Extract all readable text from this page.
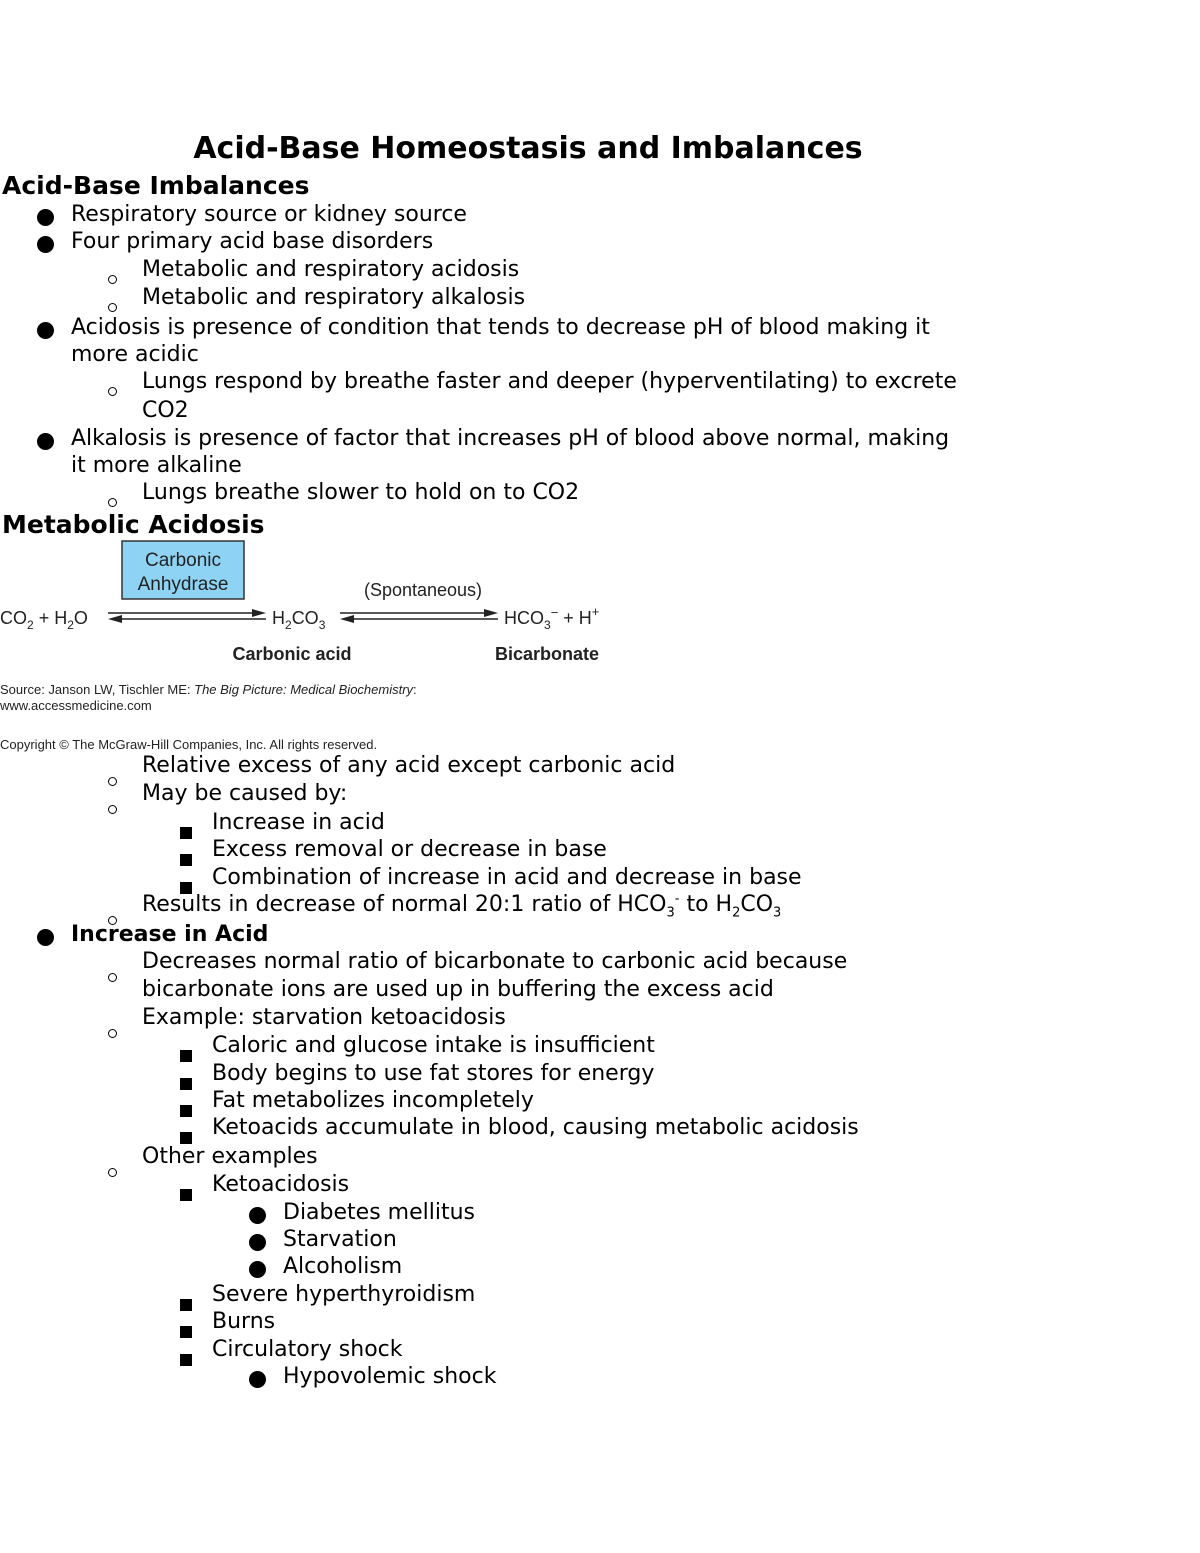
Acid-Base Homeostasis and Imbalances
Acid-Base Imbalances
Respiratory source or kidney source
Four primary acid base disorders
Metabolic and respiratory acidosis
Metabolic and respiratory alkalosis
Acidosis is presence of condition that tends to decrease pH of blood making it
more acidic
Lungs respond by breathe faster and deeper (hyperventilating) to excrete
CO2
Alkalosis is presence of factor that increases pH of blood above normal, making
it more alkaline
Lungs breathe slower to hold on to CO2
Metabolic Acidosis
Carbonic
Anhydrase	(Spontaneous)
$CO_2 + H_2O$	$H_2CO_3$	$HCO_3^- + H^+$
Carbonic acid	Bicarbonate
Source: Janson LW, Tischler ME: The Big Picture: Medical Biochemistry:
www.accessmedicine.com
Copyright © The McGraw-Hill Companies, Inc. All rights reserved.
Relative excess of any acid except carbonic acid
May be caused by:
Increase in acid
Excess removal or decrease in base
Combination of increase in acid and decrease in base
Results in decrease of normal 20:1 ratio of $HCO_3^-$ to $H_2CO_3$
Increase in Acid
Decreases normal ratio of bicarbonate to carbonic acid because
bicarbonate ions are used up in buffering the excess acid
Example: starvation ketoacidosis
Caloric and glucose intake is insufficient
Body begins to use fat stores for energy
Fat metabolizes incompletely
Ketoacids accumulate in blood, causing metabolic acidosis
Other examples
Ketoacidosis
Diabetes mellitus
Starvation
Alcoholism
Severe hyperthyroidism
Burns
Circulatory shock
Hypovolemic shock
